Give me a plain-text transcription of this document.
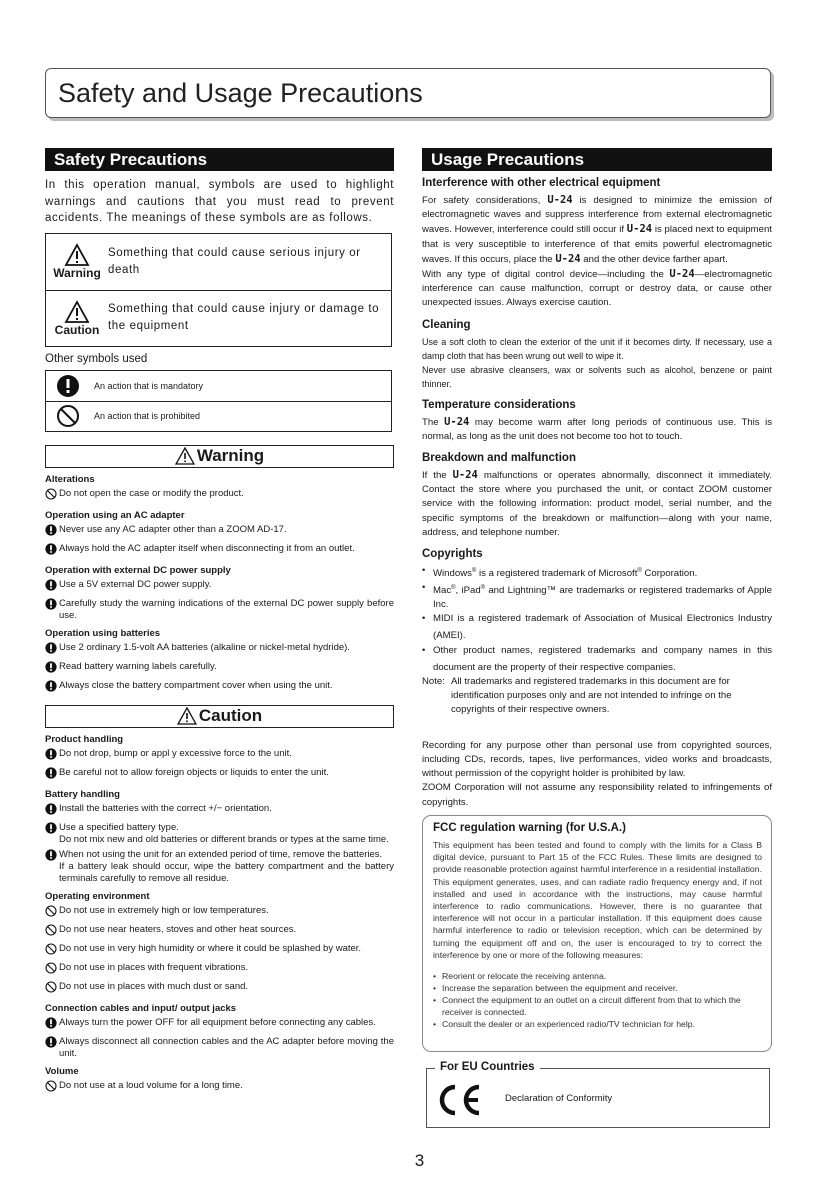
Safety and Usage Precautions
Safety Precautions
In this operation manual, symbols are used to highlight warnings and cautions that you must read to prevent accidents. The meanings of these symbols are as follows.
Warning
Something that could cause serious injury or death
Caution
Something that could cause injury or damage to the equipment
Other symbols used
An action that is mandatory
An action that is prohibited
Warning
Alterations
Do not open the case or modify the product.
Operation using an AC adapter
Never use any AC adapter other than a ZOOM AD-17.
Always hold the AC adapter itself when disconnecting it from an outlet.
Operation with external DC power supply
Use a 5V external DC power supply.
Carefully study the warning indications of the external DC power supply before use.
Operation using batteries
Use 2 ordinary 1.5-volt AA batteries (alkaline or nickel-metal hydride).
Read battery warning labels carefully.
Always close the battery compartment cover when using the unit.
Caution
Product handling
Do not drop, bump or appl y excessive force to the unit.
Be careful not to allow foreign objects or liquids to enter the unit.
Battery handling
Install the batteries with the correct +/− orientation.
Use a specified battery type.
Do not mix new and old batteries or different brands or types at the same time.
When not using the unit for an extended period of time, remove the batteries.
If a battery leak should occur, wipe the battery compartment and the battery terminals carefully to remove all residue.
Operating environment
Do not use in extremely high or low temperatures.
Do not use near heaters, stoves and other heat sources.
Do not use in very high humidity or where it could be splashed by water.
Do not use in places with frequent vibrations.
Do not use in places with much dust or sand.
Connection cables and input/ output jacks
Always turn the power OFF for all equipment before connecting any cables.
Always disconnect all connection cables and the AC adapter before moving the unit.
Volume
Do not use at a loud volume for a long time.
Usage Precautions
Interference with other electrical equipment
For safety considerations, U-24 is designed to minimize the emission of electromagnetic waves and suppress interference from external electromagnetic waves. However, interference could still occur if U-24 is placed next to equipment that is very susceptible to interference of that emits powerful electromagnetic waves. If this occurs, place the U-24 and the other device farther apart.
With any type of digital control device—including the U-24—electromagnetic interference can cause malfunction, corrupt or destroy data, or cause other unexpected issues. Always exercise caution.
Cleaning
Use a soft cloth to clean the exterior of the unit if it becomes dirty. If necessary, use a damp cloth that has been wrung out well to wipe it.
Never use abrasive cleansers, wax or solvents such as alcohol, benzene or paint thinner.
Temperature considerations
The U-24 may become warm after long periods of continuous use. This is normal, as long as the unit does not become too hot to touch.
Breakdown and malfunction
If the U-24 malfunctions or operates abnormally, disconnect it immediately. Contact the store where you purchased the unit, or contact ZOOM customer service with the following information: product model, serial number, and the specific symptoms of the breakdown or malfunction—along with your name, address, and telephone number.
Copyrights
• Windows® is a registered trademark of Microsoft® Corporation.
• Mac®, iPad® and Lightning™ are trademarks or registered trademarks of Apple Inc.
• MIDI is a registered trademark of Association of Musical Electronics Industry (AMEI).
• Other product names, registered trademarks and company names in this document are the property of their respective companies.
Note: All trademarks and registered trademarks in this document are for identification purposes only and are not intended to infringe on the copyrights of their respective owners.
Recording for any purpose other than personal use from copyrighted sources, including CDs, records, tapes, live performances, video works and broadcasts, without permission of the copyright holder is prohibited by law.
ZOOM Corporation will not assume any responsibility related to infringements of copyrights.
FCC regulation warning (for U.S.A.)
This equipment has been tested and found to comply with the limits for a Class B digital device, pursuant to Part 15 of the FCC Rules. These limits are designed to provide reasonable protection against harmful interference in a residential installation. This equipment generates, uses, and can radiate radio frequency energy and, if not installed and used in accordance with the instructions, may cause harmful interference to radio communications. However, there is no guarantee that interference will not occur in a particular installation. If this equipment does cause harmful interference to radio or television reception, which can be determined by turning the equipment off and on, the user is encouraged to try to correct the interference by one or more of the following measures:
• Reorient or relocate the receiving antenna.
• Increase the separation between the equipment and receiver.
• Connect the equipment to an outlet on a circuit different from that to which the receiver is connected.
• Consult the dealer or an experienced radio/TV technician for help.
For EU Countries
Declaration of Conformity
3
